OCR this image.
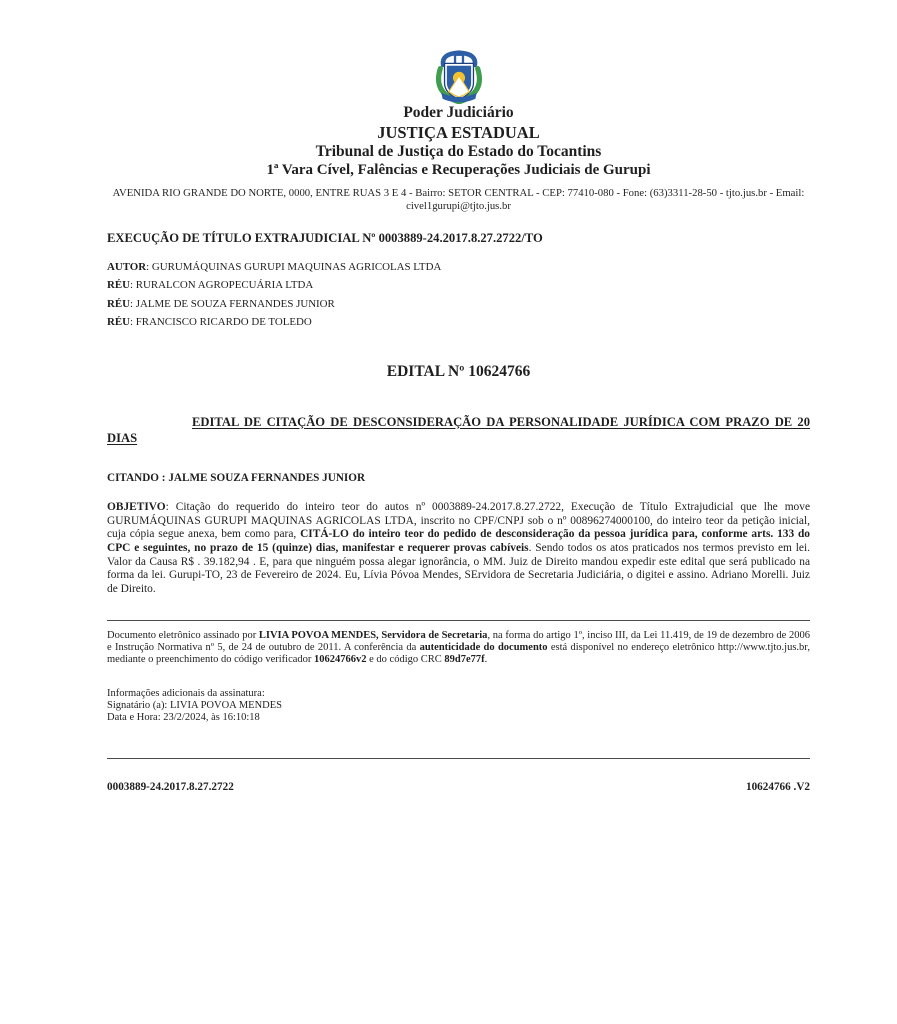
Poder Judiciário
JUSTIÇA ESTADUAL
Tribunal de Justiça do Estado do Tocantins
1ª Vara Cível, Falências e Recuperações Judiciais de Gurupi
AVENIDA RIO GRANDE DO NORTE, 0000, ENTRE RUAS 3 E 4 - Bairro: SETOR CENTRAL - CEP: 77410-080 - Fone: (63)3311-28-50 - tjto.jus.br - Email:
civel1gurupi@tjto.jus.br
EXECUÇÃO DE TÍTULO EXTRAJUDICIAL Nº 0003889-24.2017.8.27.2722/TO
AUTOR: GURUMÁQUINAS GURUPI MAQUINAS AGRICOLAS LTDA
RÉU: RURALCON AGROPECUÁRIA LTDA
RÉU: JALME DE SOUZA FERNANDES JUNIOR
RÉU: FRANCISCO RICARDO DE TOLEDO
EDITAL Nº 10624766
EDITAL DE CITAÇÃO DE DESCONSIDERAÇÃO DA PERSONALIDADE JURÍDICA COM PRAZO DE 20 DIAS
CITANDO : JALME SOUZA FERNANDES JUNIOR

OBJETIVO: Citação do requerido do inteiro teor do autos nº 0003889-24.2017.8.27.2722, Execução de Título Extrajudicial que lhe move GURUMÁQUINAS GURUPI MAQUINAS AGRICOLAS LTDA, inscrito no CPF/CNPJ sob o nº 00896274000100, do inteiro teor da petição inicial, cuja cópia segue anexa, bem como para, CITÁ-LO do inteiro teor do pedido de desconsideração da pessoa jurídica para, conforme arts. 133 do CPC e seguintes, no prazo de 15 (quinze) dias, manifestar e requerer provas cabíveis. Sendo todos os atos praticados nos termos previsto em lei. Valor da Causa R$ . 39.182,94 . E, para que ninguém possa alegar ignorância, o MM. Juiz de Direito mandou expedir este edital que será publicado na forma da lei. Gurupi-TO, 23 de Fevereiro de 2024. Eu, Lívia Póvoa Mendes, SErvidora de Secretaria Judiciária, o digitei e assino. Adriano Morelli. Juiz de Direito.

Documento eletrônico assinado por LIVIA POVOA MENDES, Servidora de Secretaria, na forma do artigo 1º, inciso III, da Lei 11.419, de 19 de dezembro de 2006 e Instrução Normativa nº 5, de 24 de outubro de 2011. A conferência da autenticidade do documento está disponível no endereço eletrônico http://www.tjto.jus.br, mediante o preenchimento do código verificador 10624766v2 e do código CRC 89d7e77f.

Informações adicionais da assinatura:
Signatário (a): LIVIA POVOA MENDES
Data e Hora: 23/2/2024, às 16:10:18
0003889-24.2017.8.27.2722	10624766 .V2
